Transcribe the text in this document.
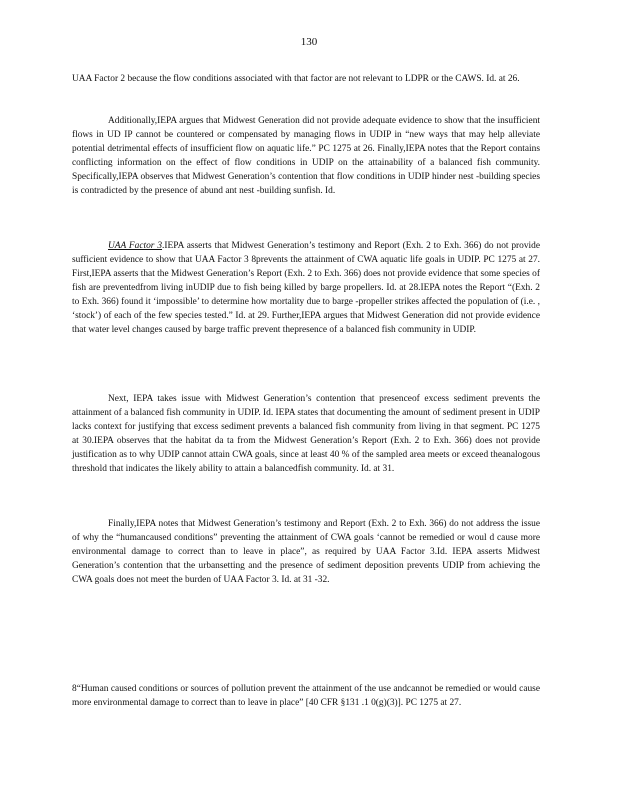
130

UAA Factor 2 because the flow conditions associated with that factor are not relevant to LDPR or the CAWS. Id. at 26.

Additionally,IEPA argues that Midwest Generation did not provide adequate evidence to show that the insufficient flows in UD IP cannot be countered or compensated by managing flows in UDIP in “new ways that may help alleviate potential detrimental effects of insufficient flow on aquatic life.” PC 1275 at 26. Finally,IEPA notes that the Report contains conflicting information on the effect of flow conditions in UDIP on the attainability of a balanced fish community. Specifically,IEPA observes that Midwest Generation’s contention that flow conditions in UDIP hinder nest -building species is contradicted by the presence of abund ant nest -building sunfish. Id.

UAA Factor 3.IEPA asserts that Midwest Generation’s testimony and Report (Exh. 2 to Exh. 366) do not provide sufficient evidence to show that UAA Factor 3 8prevents the attainment of CWA aquatic life goals in UDIP. PC 1275 at 27. First,IEPA asserts that the Midwest Generation’s Report (Exh. 2 to Exh. 366) does not provide evidence that some species of fish are preventedfrom living inUDIP due to fish being killed by barge propellers. Id. at 28.IEPA notes the Report “(Exh. 2 to Exh. 366) found it ‘impossible’ to determine how mortality due to barge -propeller strikes affected the population of (i.e. , ‘stock’) of each of the few species tested.” Id. at 29. Further,IEPA argues that Midwest Generation did not provide evidence that water level changes caused by barge traffic prevent thepresence of a balanced fish community in UDIP.

Next, IEPA takes issue with Midwest Generation’s contention that presenceof excess sediment prevents the attainment of a balanced fish community in UDIP. Id. IEPA states that documenting the amount of sediment present in UDIP lacks context for justifying that excess sediment prevents a balanced fish community from living in that segment. PC 1275 at 30.IEPA observes that the habitat da ta from the Midwest Generation’s Report (Exh. 2 to Exh. 366) does not provide justification as to why UDIP cannot attain CWA goals, since at least 40 % of the sampled area meets or exceed theanalogous threshold that indicates the likely ability to attain a balancedfish community. Id. at 31.

Finally,IEPA notes that Midwest Generation’s testimony and Report (Exh. 2 to Exh. 366) do not address the issue of why the “humancaused conditions” preventing the attainment of CWA goals ‘cannot be remedied or woul d cause more environmental damage to correct than to leave in place”, as required by UAA Factor 3.Id. IEPA asserts Midwest Generation’s contention that the urbansetting and the presence of sediment deposition prevents UDIP from achieving the CWA goals does not meet the burden of UAA Factor 3. Id. at 31 -32.

8“Human caused conditions or sources of pollution prevent the attainment of the use andcannot be remedied or would cause more environmental damage to correct than to leave in place” [40 CFR §131 .1 0(g)(3)]. PC 1275 at 27.
